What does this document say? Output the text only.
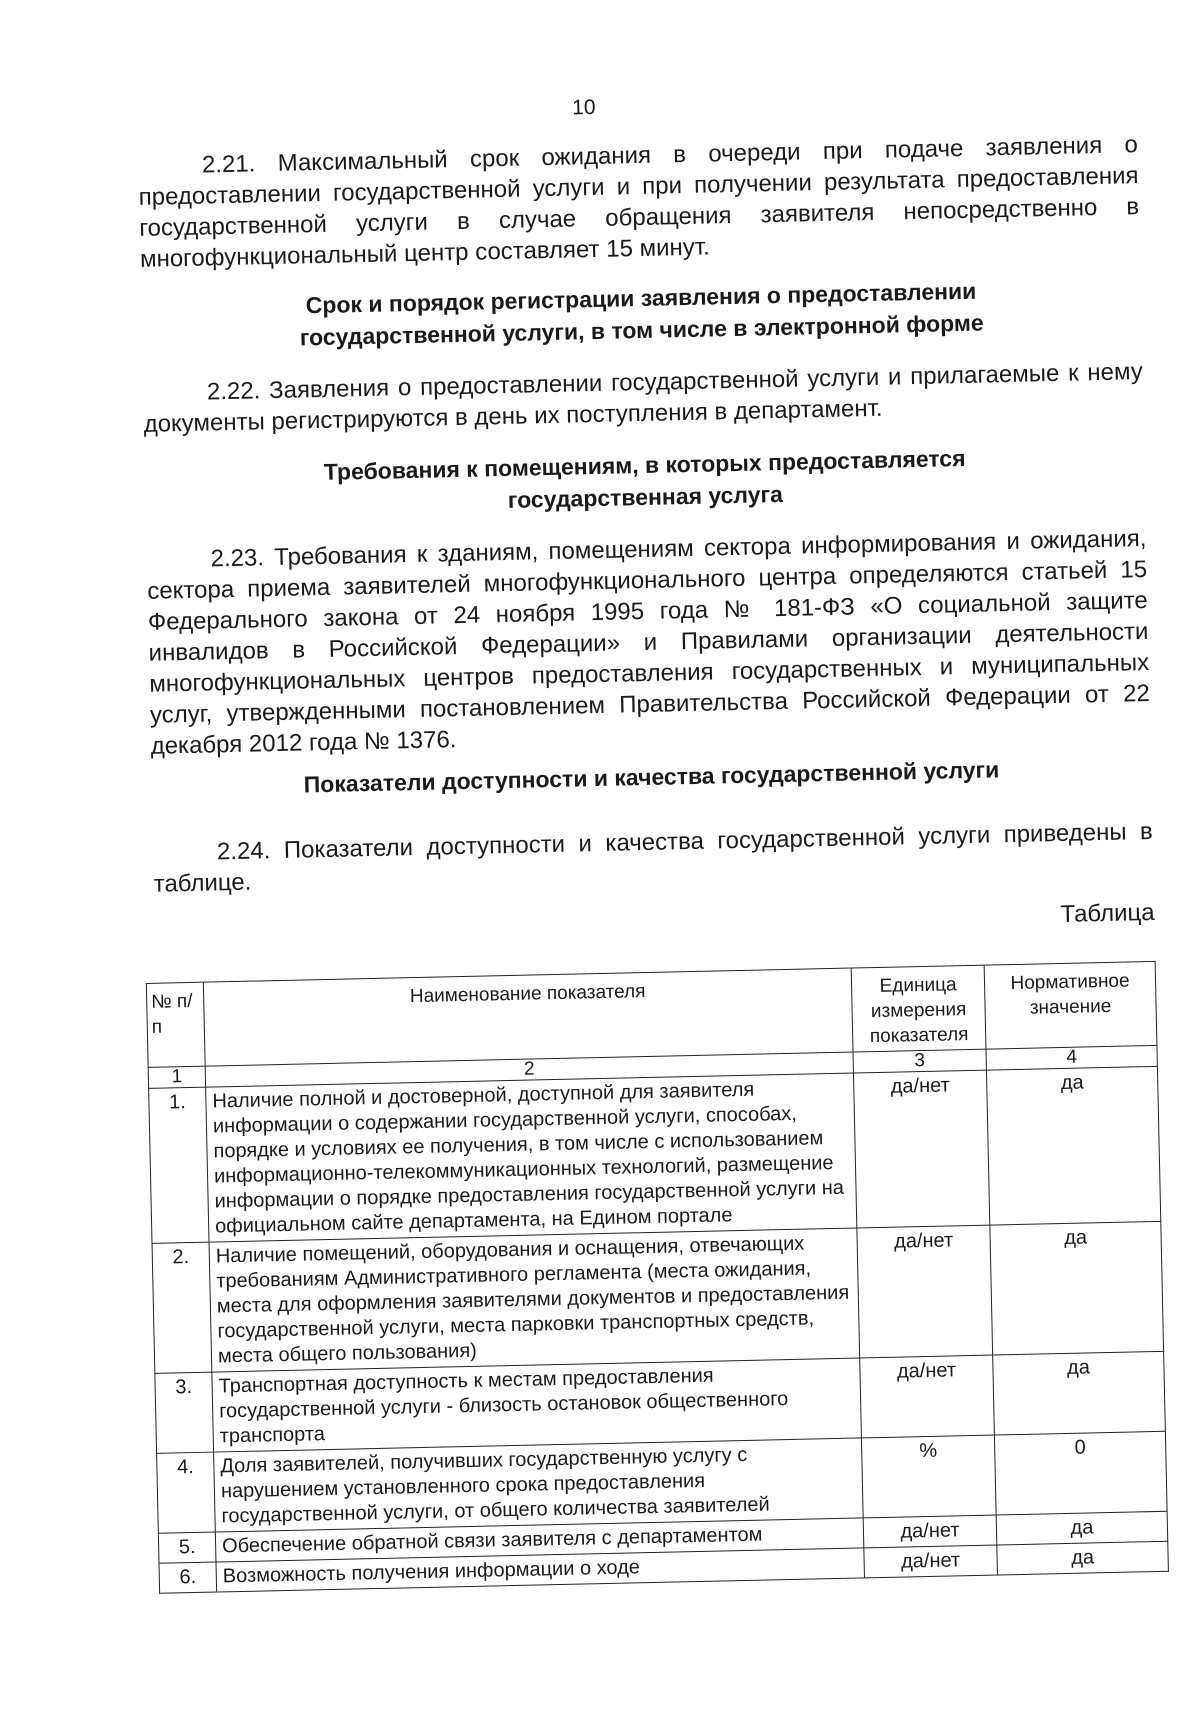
10

2.21. Максимальный срок ожидания в очереди при подаче заявления о предоставлении государственной услуги и при получении результата предоставления государственной услуги в случае обращения заявителя непосредственно в многофункциональный центр составляет 15 минут.

Срок и порядок регистрации заявления о предоставлении

государственной услуги, в том числе в электронной форме

2.22. Заявления о предоставлении государственной услуги и прилагаемые к нему документы регистрируются в день их поступления в департамент.

Требования к помещениям, в которых предоставляется

государственная услуга

2.23. Требования к зданиям, помещениям сектора информирования и ожидания, сектора приема заявителей многофункционального центра определяются статьей 15 Федерального закона от 24 ноября 1995 года № 181-ФЗ «О социальной защите инвалидов в Российской Федерации» и Правилами организации деятельности многофункциональных центров предоставления государственных и муниципальных услуг, утвержденными постановлением Правительства Российской Федерации от 22 декабря 2012 года № 1376.

Показатели доступности и качества государственной услуги

2.24. Показатели доступности и качества государственной услуги приведены в таблице.

Таблица

№ п/п	Наименование показателя	Единица измерения показателя	Нормативное значение
1	2	3	4
1.	Наличие полной и достоверной, доступной для заявителя информации о содержании государственной услуги, способах, порядке и условиях ее получения, в том числе с использованием информационно-телекоммуникационных технологий, размещение информации о порядке предоставления государственной услуги на официальном сайте департамента, на Едином портале	да/нет	да
2.	Наличие помещений, оборудования и оснащения, отвечающих требованиям Административного регламента (места ожидания, места для оформления заявителями документов и предоставления государственной услуги, места парковки транспортных средств, места общего пользования)	да/нет	да
3.	Транспортная доступность к местам предоставления государственной услуги - близость остановок общественного транспорта	да/нет	да
4.	Доля заявителей, получивших государственную услугу с нарушением установленного срока предоставления государственной услуги, от общего количества заявителей	%	0
5.	Обеспечение обратной связи заявителя с департаментом	да/нет	да
6.	Возможность получения информации о ходе	да/нет	да
